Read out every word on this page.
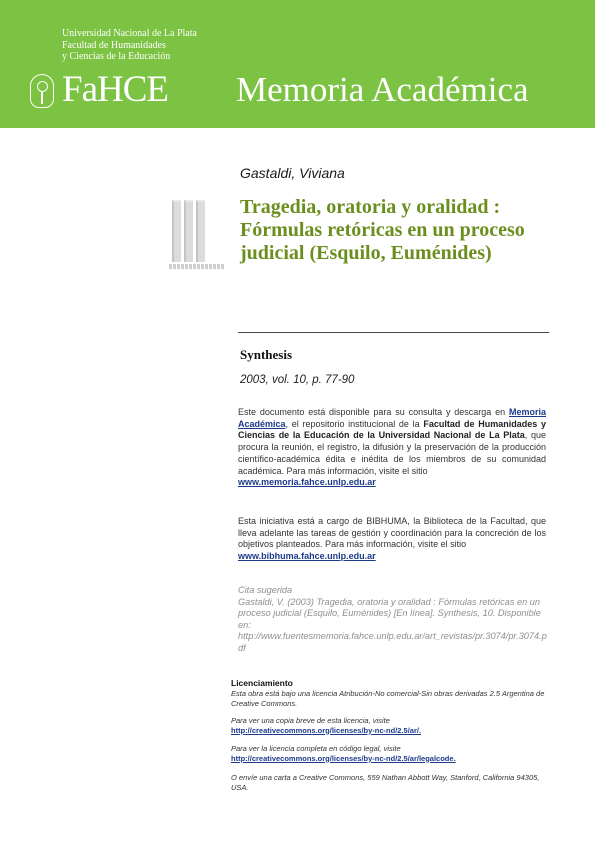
Universidad Nacional de La Plata
Facultad de Humanidades
y Ciencias de la Educación
FaHCE Memoria Académica
Gastaldi, Viviana
Tragedia, oratoria y oralidad : Fórmulas retóricas en un proceso judicial (Esquilo, Euménides)
Synthesis
2003, vol. 10, p. 77-90
Este documento está disponible para su consulta y descarga en Memoria Académica, el repositorio institucional de la Facultad de Humanidades y Ciencias de la Educación de la Universidad Nacional de La Plata, que procura la reunión, el registro, la difusión y la preservación de la producción científico-académica édita e inédita de los miembros de su comunidad académica. Para más información, visite el sitio
www.memoria.fahce.unlp.edu.ar
Esta iniciativa está a cargo de BIBHUMA, la Biblioteca de la Facultad, que lleva adelante las tareas de gestión y coordinación para la concreción de los objetivos planteados. Para más información, visite el sitio
www.bibhuma.fahce.unlp.edu.ar
Cita sugerida
Gastaldi, V. (2003) Tragedia, oratoria y oralidad : Fórmulas retóricas en un proceso judicial (Esquilo, Euménides) [En línea]. Synthesis, 10. Disponible en:
http://www.fuentesmemoria.fahce.unlp.edu.ar/art_revistas/pr.3074/pr.3074.pdf
Licenciamiento
Esta obra está bajo una licencia Atribución-No comercial-Sin obras derivadas 2.5 Argentina de Creative Commons.
Para ver una copia breve de esta licencia, visite
http://creativecommons.org/licenses/by-nc-nd/2.5/ar/.
Para ver la licencia completa en código legal, visite
http://creativecommons.org/licenses/by-nc-nd/2.5/ar/legalcode.
O envíe una carta a Creative Commons, 559 Nathan Abbott Way, Stanford, California 94305, USA.
